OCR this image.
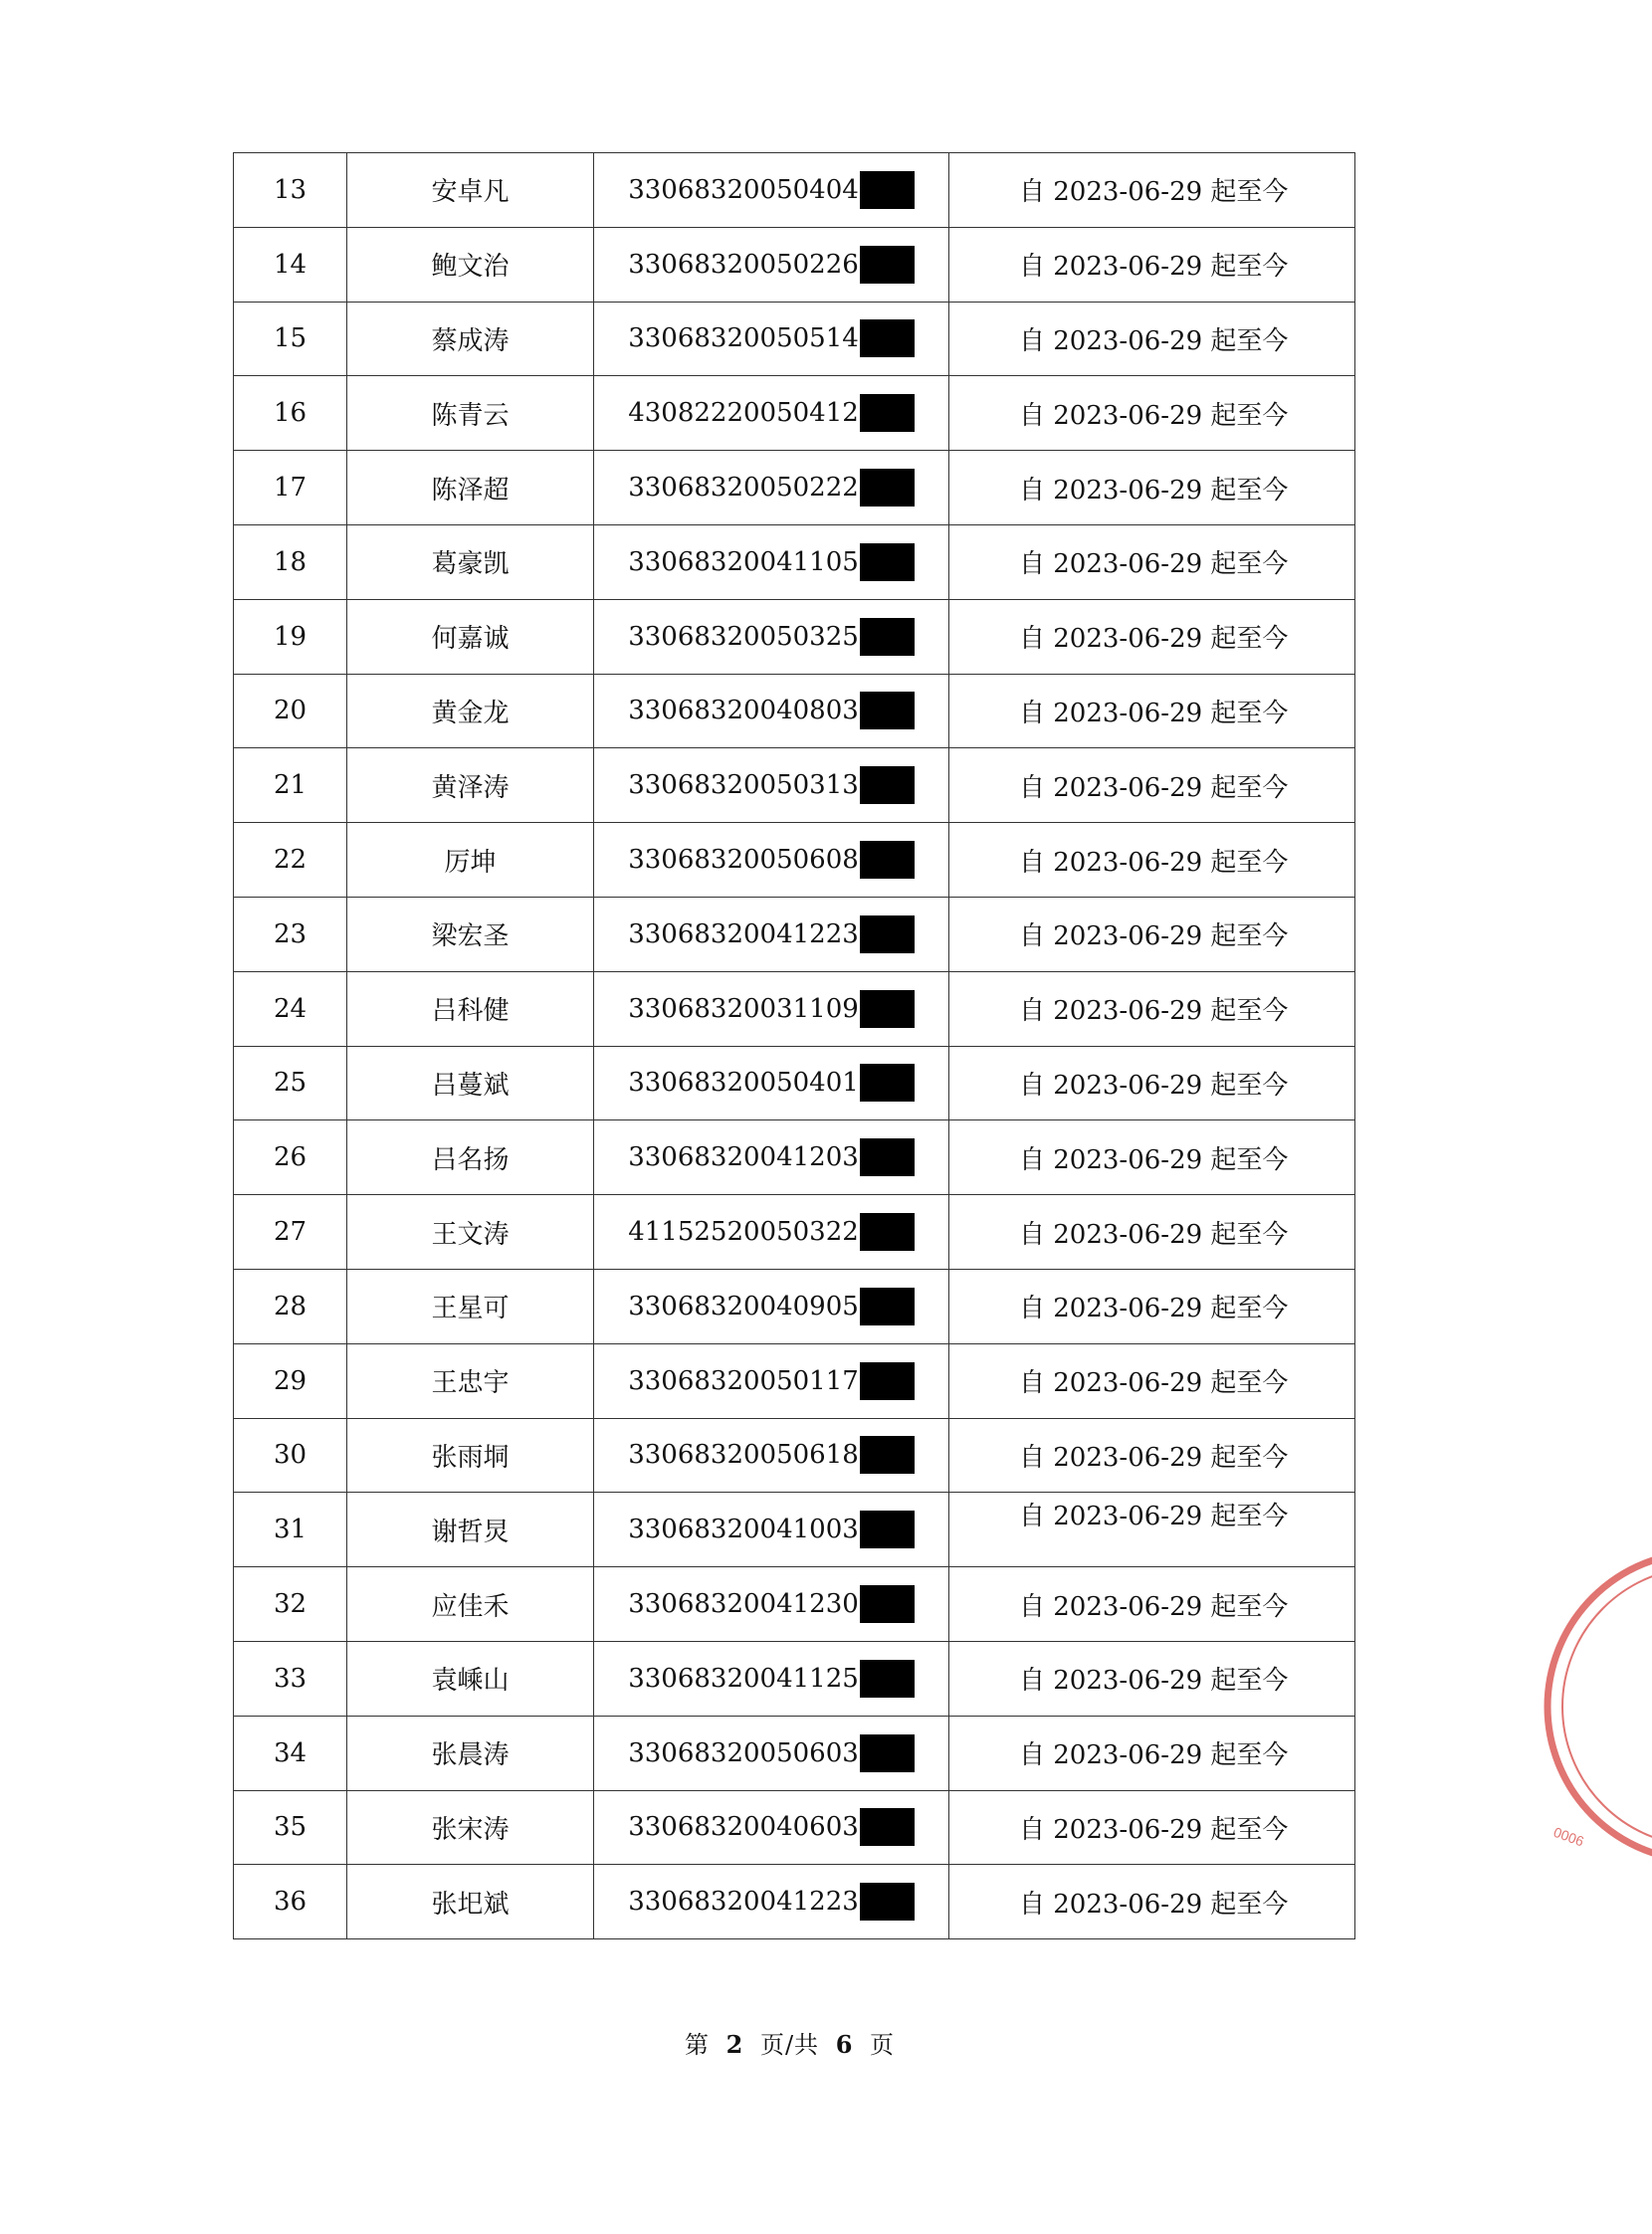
13	安卓凡	33068320050404	自 2023-06-29 起至今
14	鲍文治	33068320050226	自 2023-06-29 起至今
15	蔡成涛	33068320050514	自 2023-06-29 起至今
16	陈青云	43082220050412	自 2023-06-29 起至今
17	陈泽超	33068320050222	自 2023-06-29 起至今
18	葛豪凯	33068320041105	自 2023-06-29 起至今
19	何嘉诚	33068320050325	自 2023-06-29 起至今
20	黄金龙	33068320040803	自 2023-06-29 起至今
21	黄泽涛	33068320050313	自 2023-06-29 起至今
22	厉坤	33068320050608	自 2023-06-29 起至今
23	梁宏圣	33068320041223	自 2023-06-29 起至今
24	吕科健	33068320031109	自 2023-06-29 起至今
25	吕蔓斌	33068320050401	自 2023-06-29 起至今
26	吕名扬	33068320041203	自 2023-06-29 起至今
27	王文涛	41152520050322	自 2023-06-29 起至今
28	王星可	33068320040905	自 2023-06-29 起至今
29	王忠宇	33068320050117	自 2023-06-29 起至今
30	张雨垌	33068320050618	自 2023-06-29 起至今
31	谢哲炅	33068320041003	自 2023-06-29 起至今
32	应佳禾	33068320041230	自 2023-06-29 起至今
33	袁嵊山	33068320041125	自 2023-06-29 起至今
34	张晨涛	33068320050603	自 2023-06-29 起至今
35	张宋涛	33068320040603	自 2023-06-29 起至今
36	张圯斌	33068320041223	自 2023-06-29 起至今
第 2 页/共 6 页
0006
